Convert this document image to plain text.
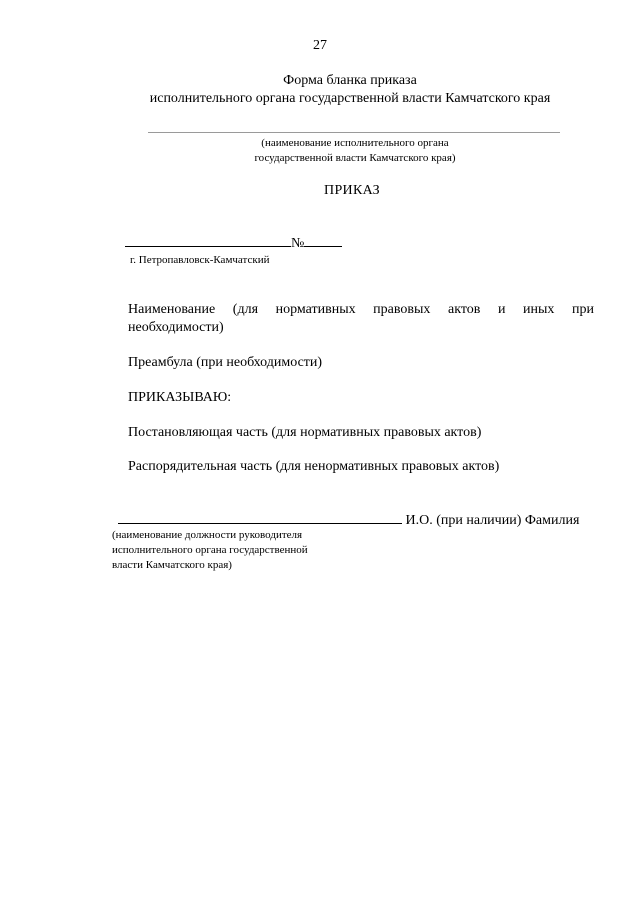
27
Форма бланка приказа
исполнительного органа государственной власти Камчатского края
(наименование исполнительного органа
государственной власти Камчатского края)
ПРИКАЗ
№
г. Петропавловск-Камчатский
Наименование (для нормативных правовых актов и иных при необходимости)
Преамбула (при необходимости)
ПРИКАЗЫВАЮ:
Постановляющая часть (для нормативных правовых актов)
Распорядительная часть (для ненормативных правовых актов)
И.О. (при наличии) Фамилия
(наименование должности руководителя
исполнительного органа государственной
власти Камчатского края)
